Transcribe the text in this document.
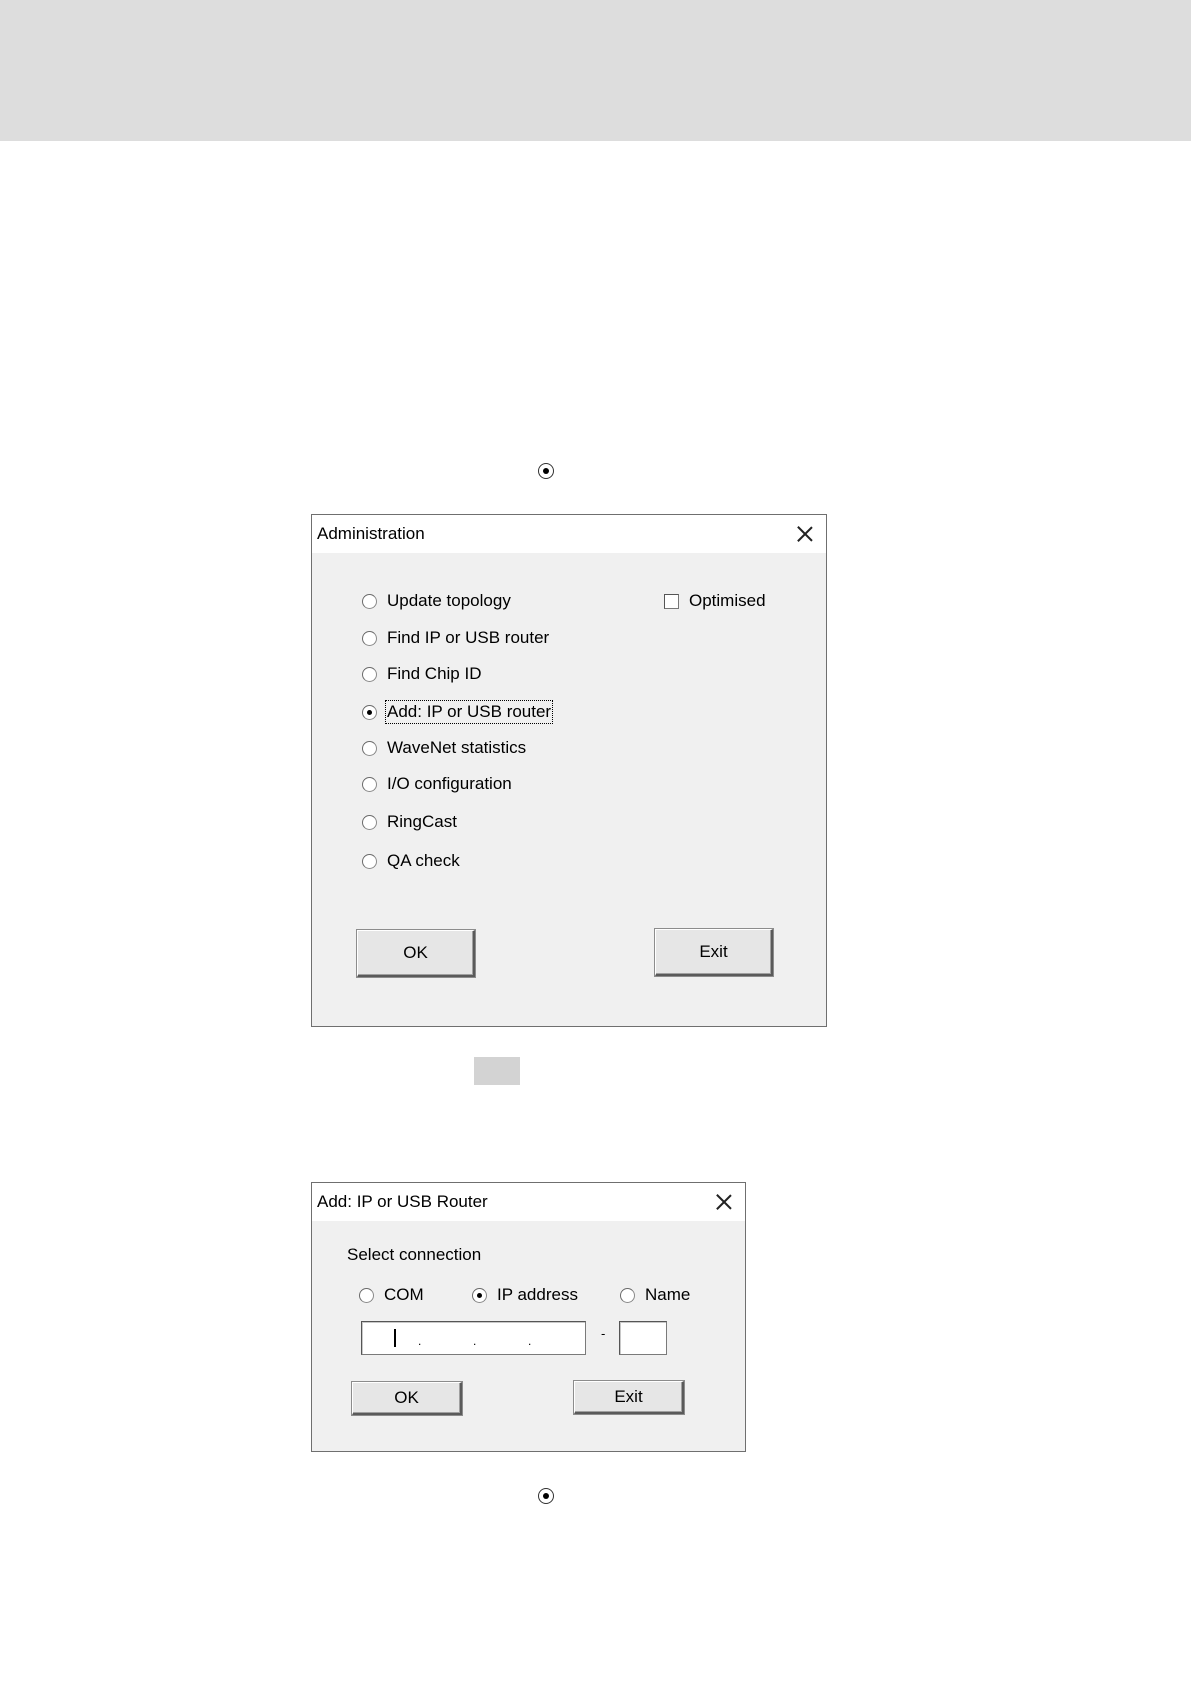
Administration
Update topology
Find IP or USB router
Find Chip ID
Add: IP or USB router
WaveNet statistics
I/O configuration
RingCast
QA check
Optimised
OK	Exit
Add: IP or USB Router
Select connection
COM	IP address	Name
.	.	.	-
OK	Exit
